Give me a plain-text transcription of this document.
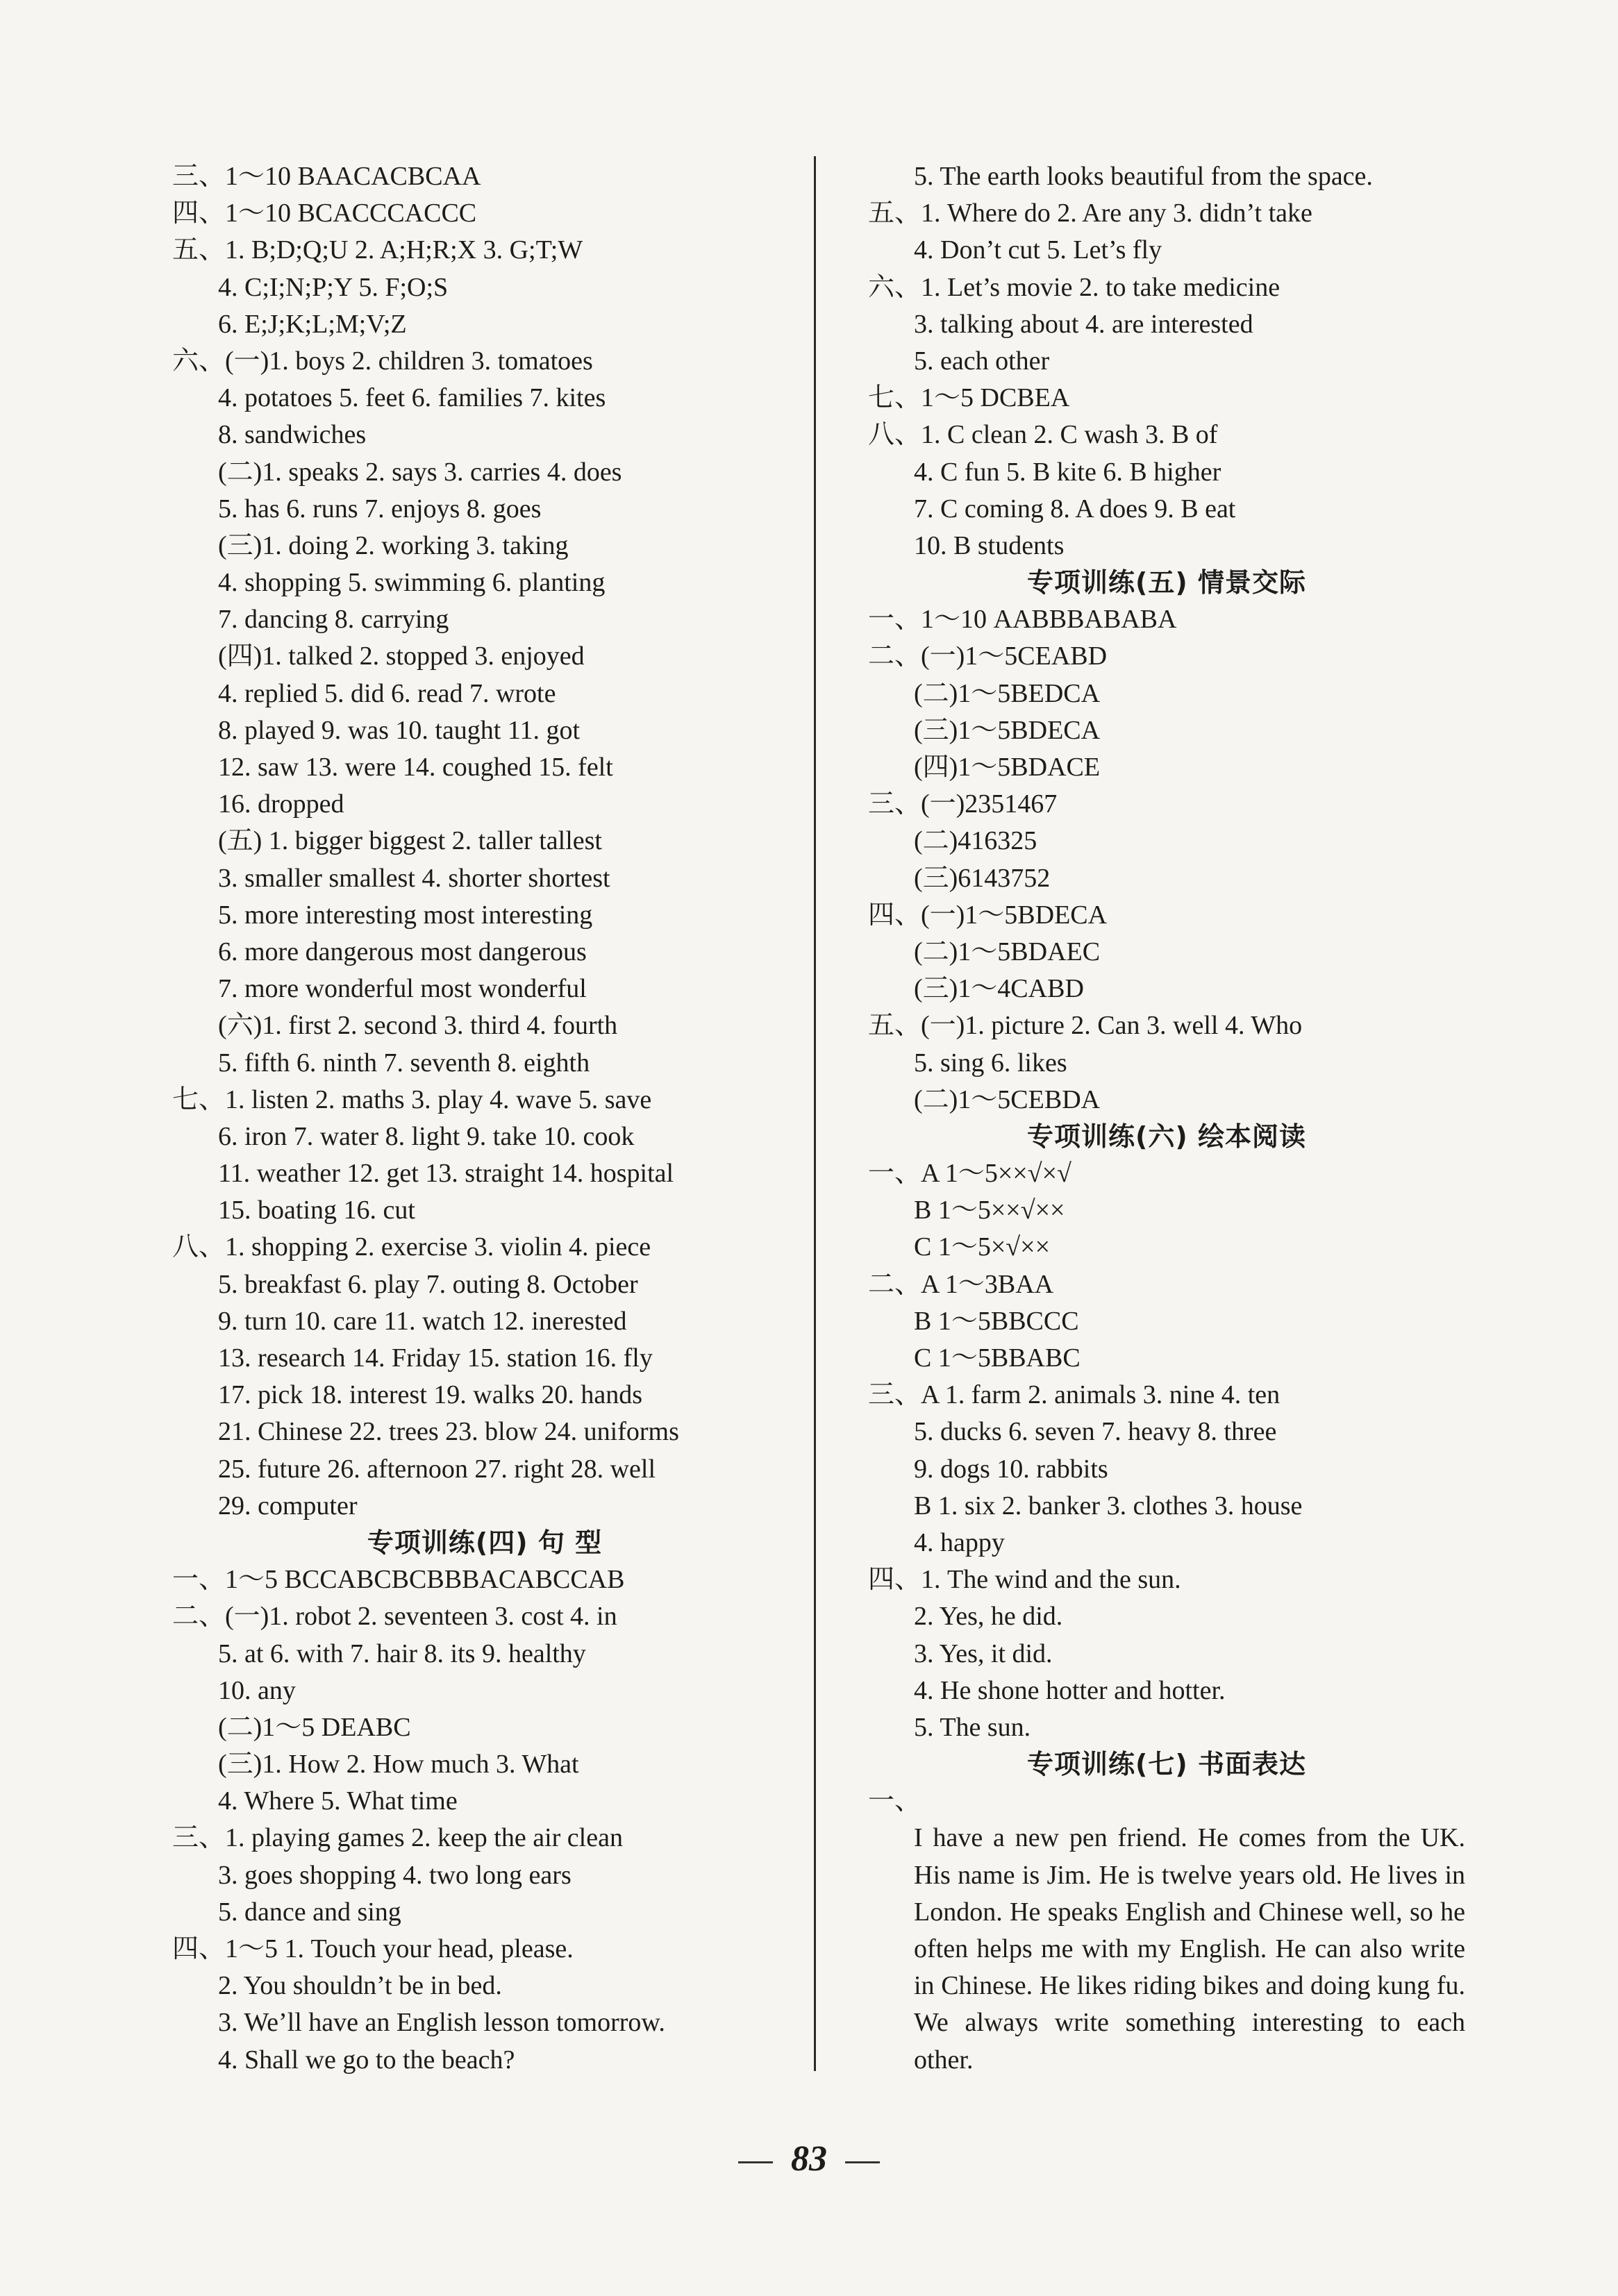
三、1～10 BAACACBCAA
四、1～10 BCACCCACCC
五、1. B;D;Q;U 2. A;H;R;X 3. G;T;W
4. C;I;N;P;Y 5. F;O;S
6. E;J;K;L;M;V;Z
六、(一)1. boys 2. children 3. tomatoes
4. potatoes 5. feet 6. families 7. kites
8. sandwiches
(二)1. speaks 2. says 3. carries 4. does
5. has 6. runs 7. enjoys 8. goes
(三)1. doing 2. working 3. taking
4. shopping 5. swimming 6. planting
7. dancing 8. carrying
(四)1. talked 2. stopped 3. enjoyed
4. replied 5. did 6. read 7. wrote
8. played 9. was 10. taught 11. got
12. saw 13. were 14. coughed 15. felt
16. dropped
(五) 1. bigger biggest 2. taller tallest
3. smaller smallest 4. shorter shortest
5. more interesting most interesting
6. more dangerous most dangerous
7. more wonderful most wonderful
(六)1. first 2. second 3. third 4. fourth
5. fifth 6. ninth 7. seventh 8. eighth
七、1. listen 2. maths 3. play 4. wave 5. save
6. iron 7. water 8. light 9. take 10. cook
11. weather 12. get 13. straight 14. hospital
15. boating 16. cut
八、1. shopping 2. exercise 3. violin 4. piece
5. breakfast 6. play 7. outing 8. October
9. turn 10. care 11. watch 12. inerested
13. research 14. Friday 15. station 16. fly
17. pick 18. interest 19. walks 20. hands
21. Chinese 22. trees 23. blow 24. uniforms
25. future 26. afternoon 27. right 28. well
29. computer
专项训练(四) 句 型
一、1～5 BCCABCBCBBBACABCCAB
二、(一)1. robot 2. seventeen 3. cost 4. in
5. at 6. with 7. hair 8. its 9. healthy
10. any
(二)1～5 DEABC
(三)1. How 2. How much 3. What
4. Where 5. What time
三、1. playing games 2. keep the air clean
3. goes shopping 4. two long ears
5. dance and sing
四、1～5 1. Touch your head, please.
2. You shouldn’t be in bed.
3. We’ll have an English lesson tomorrow.
4. Shall we go to the beach?
5. The earth looks beautiful from the space.
五、1. Where do 2. Are any 3. didn’t take
4. Don’t cut 5. Let’s fly
六、1. Let’s movie 2. to take medicine
3. talking about 4. are interested
5. each other
七、1～5 DCBEA
八、1. C clean 2. C wash 3. B of
4. C fun 5. B kite 6. B higher
7. C coming 8. A does 9. B eat
10. B students
专项训练(五) 情景交际
一、1～10 AABBBABABA
二、(一)1～5CEABD
(二)1～5BEDCA
(三)1～5BDECA
(四)1～5BDACE
三、(一)2351467
(二)416325
(三)6143752
四、(一)1～5BDECA
(二)1～5BDAEC
(三)1～4CABD
五、(一)1. picture 2. Can 3. well 4. Who
5. sing 6. likes
(二)1～5CEBDA
专项训练(六) 绘本阅读
一、A 1～5××√×√
B 1～5××√××
C 1～5×√××
二、A 1～3BAA
B 1～5BBCCC
C 1～5BBABC
三、A 1. farm 2. animals 3. nine 4. ten
5. ducks 6. seven 7. heavy 8. three
9. dogs 10. rabbits
B 1. six 2. banker 3. clothes 3. house
4. happy
四、1. The wind and the sun.
2. Yes, he did.
3. Yes, it did.
4. He shone hotter and hotter.
5. The sun.
专项训练(七) 书面表达
一、
I have a new pen friend. He comes from the UK. His name is Jim. He is twelve years old. He lives in London. He speaks English and Chinese well, so he often helps me with my English. He can also write in Chinese. He likes riding bikes and doing kung fu. We always write something interesting to each other.
83
